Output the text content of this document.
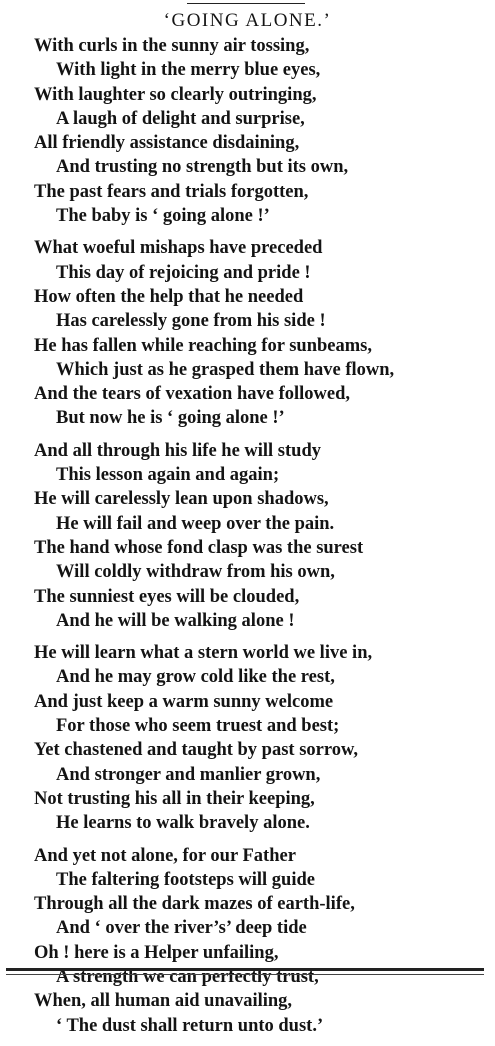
‘GOING ALONE.’
With curls in the sunny air tossing,
With light in the merry blue eyes,
With laughter so clearly outringing,
A laugh of delight and surprise,
All friendly assistance disdaining,
And trusting no strength but its own,
The past fears and trials forgotten,
The baby is ‘ going alone !’
What woeful mishaps have preceded
This day of rejoicing and pride !
How often the help that he needed
Has carelessly gone from his side !
He has fallen while reaching for sunbeams,
Which just as he grasped them have flown,
And the tears of vexation have followed,
But now he is ‘ going alone !’
And all through his life he will study
This lesson again and again;
He will carelessly lean upon shadows,
He will fail and weep over the pain.
The hand whose fond clasp was the surest
Will coldly withdraw from his own,
The sunniest eyes will be clouded,
And he will be walking alone !
He will learn what a stern world we live in,
And he may grow cold like the rest,
And just keep a warm sunny welcome
For those who seem truest and best;
Yet chastened and taught by past sorrow,
And stronger and manlier grown,
Not trusting his all in their keeping,
He learns to walk bravely alone.
And yet not alone, for our Father
The faltering footsteps will guide
Through all the dark mazes of earth-life,
And ‘ over the river’s’ deep tide
Oh ! here is a Helper unfailing,
A strength we can perfectly trust,
When, all human aid unavailing,
‘ The dust shall return unto dust.’
